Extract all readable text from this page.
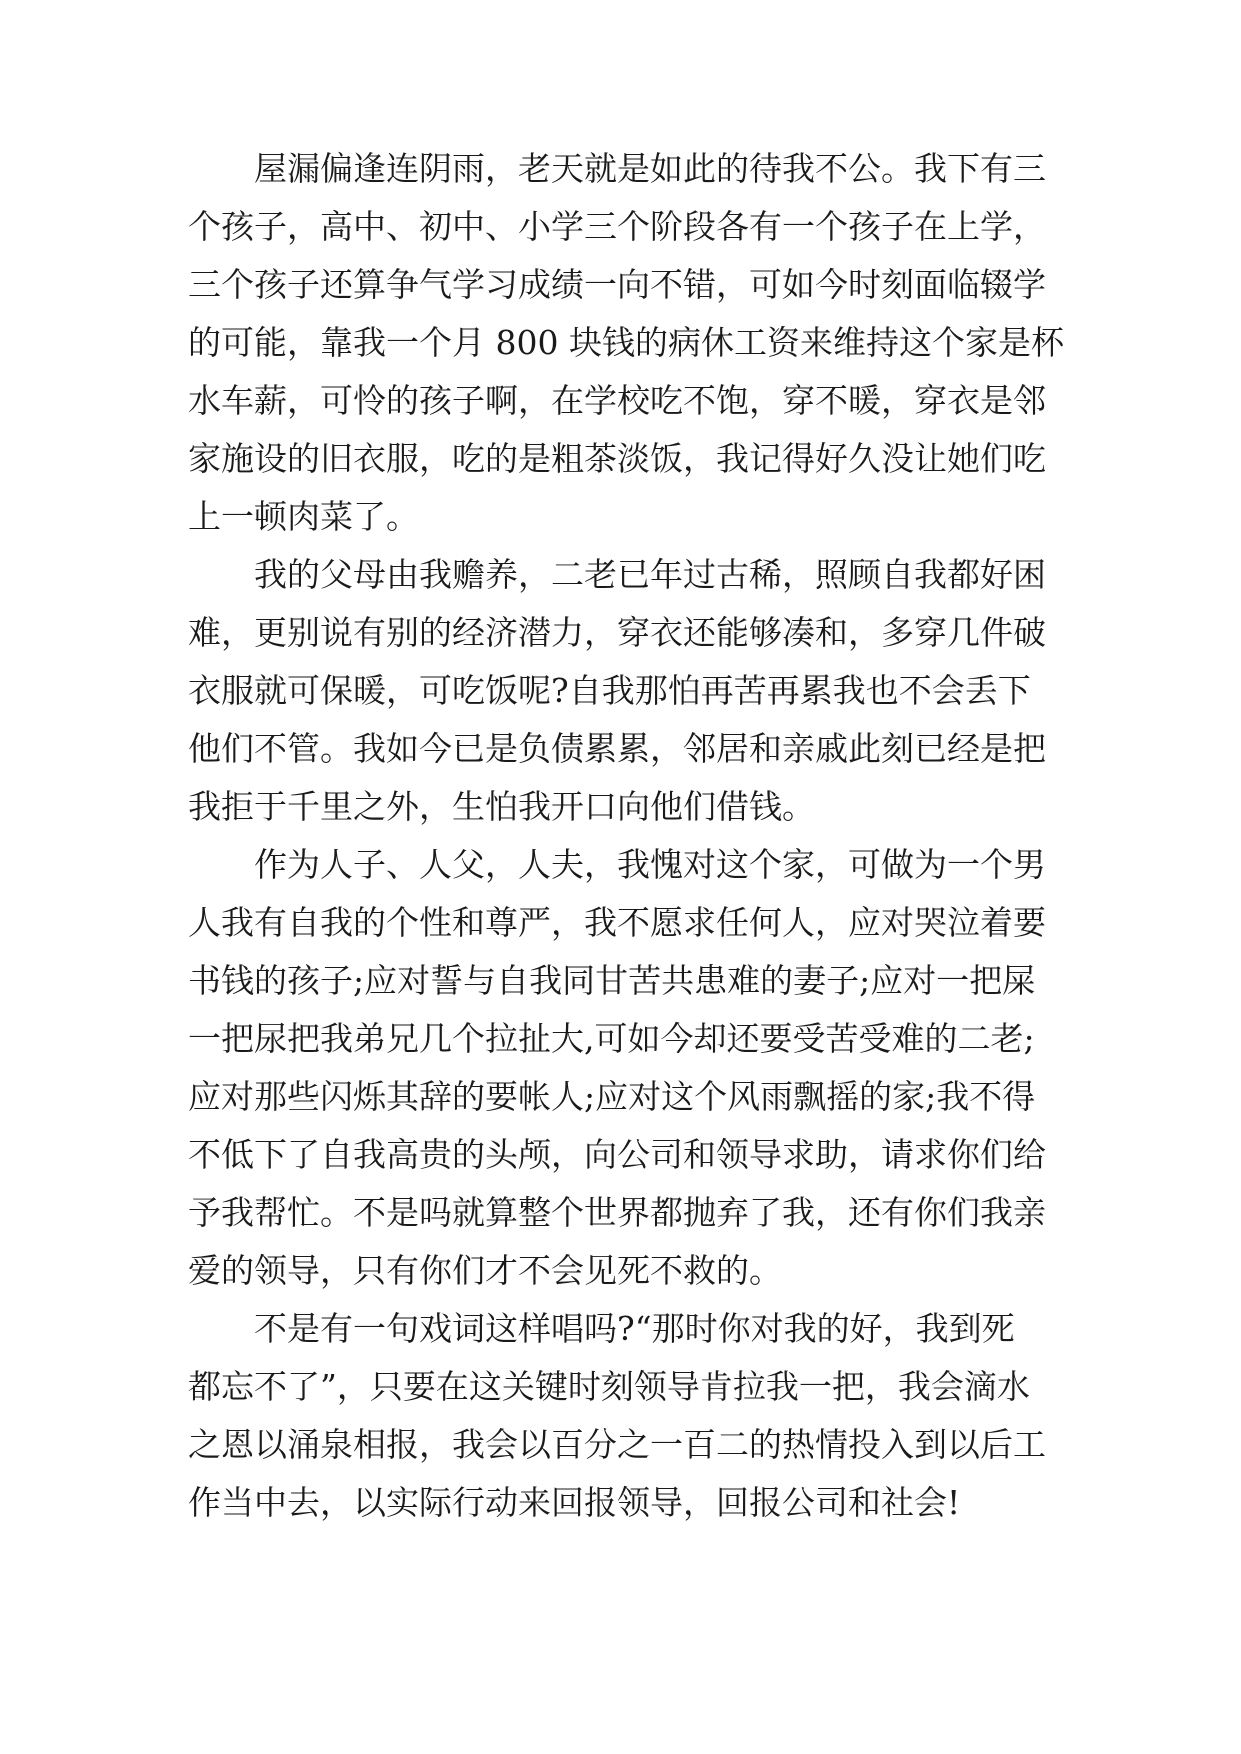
屋漏偏逢连阴雨，老天就是如此的待我不公。我下有三
个孩子，高中、初中、小学三个阶段各有一个孩子在上学，
三个孩子还算争气学习成绩一向不错，可如今时刻面临辍学
的可能，靠我一个月 800 块钱的病休工资来维持这个家是杯
水车薪，可怜的孩子啊，在学校吃不饱，穿不暖，穿衣是邻
家施设的旧衣服，吃的是粗茶淡饭，我记得好久没让她们吃
上一顿肉菜了。
我的父母由我赡养，二老已年过古稀，照顾自我都好困
难，更别说有别的经济潜力，穿衣还能够凑和，多穿几件破
衣服就可保暖，可吃饭呢?自我那怕再苦再累我也不会丢下
他们不管。我如今已是负债累累，邻居和亲戚此刻已经是把
我拒于千里之外，生怕我开口向他们借钱。
作为人子、人父，人夫，我愧对这个家，可做为一个男
人我有自我的个性和尊严，我不愿求任何人，应对哭泣着要
书钱的孩子;应对誓与自我同甘苦共患难的妻子;应对一把屎
一把尿把我弟兄几个拉扯大,可如今却还要受苦受难的二老;
应对那些闪烁其辞的要帐人;应对这个风雨飘摇的家;我不得
不低下了自我高贵的头颅，向公司和领导求助，请求你们给
予我帮忙。不是吗就算整个世界都抛弃了我，还有你们我亲
爱的领导，只有你们才不会见死不救的。
不是有一句戏词这样唱吗?“那时你对我的好，我到死
都忘不了”，只要在这关键时刻领导肯拉我一把，我会滴水
之恩以涌泉相报，我会以百分之一百二的热情投入到以后工
作当中去，以实际行动来回报领导，回报公司和社会!
